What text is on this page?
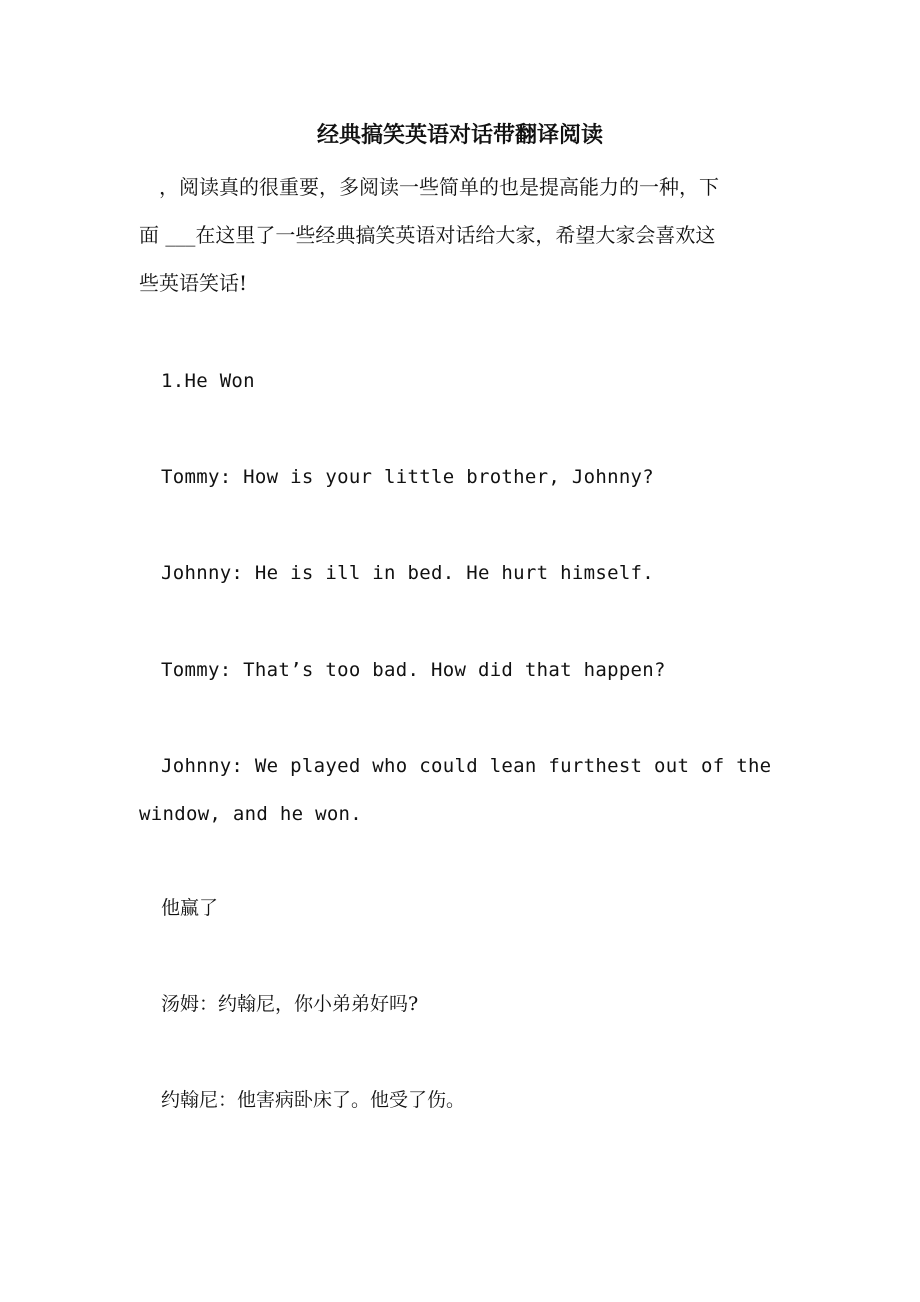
经典搞笑英语对话带翻译阅读
，阅读真的很重要，多阅读一些简单的也是提高能力的一种，下
面 ___在这里了一些经典搞笑英语对话给大家，希望大家会喜欢这
些英语笑话!
1.He Won
Tommy: How is your little brother, Johnny?
Johnny: He is ill in bed. He hurt himself.
Tommy: That’s too bad. How did that happen?
Johnny: We played who could lean furthest out of the
window, and he won.
他赢了
汤姆：约翰尼，你小弟弟好吗?
约翰尼：他害病卧床了。他受了伤。
